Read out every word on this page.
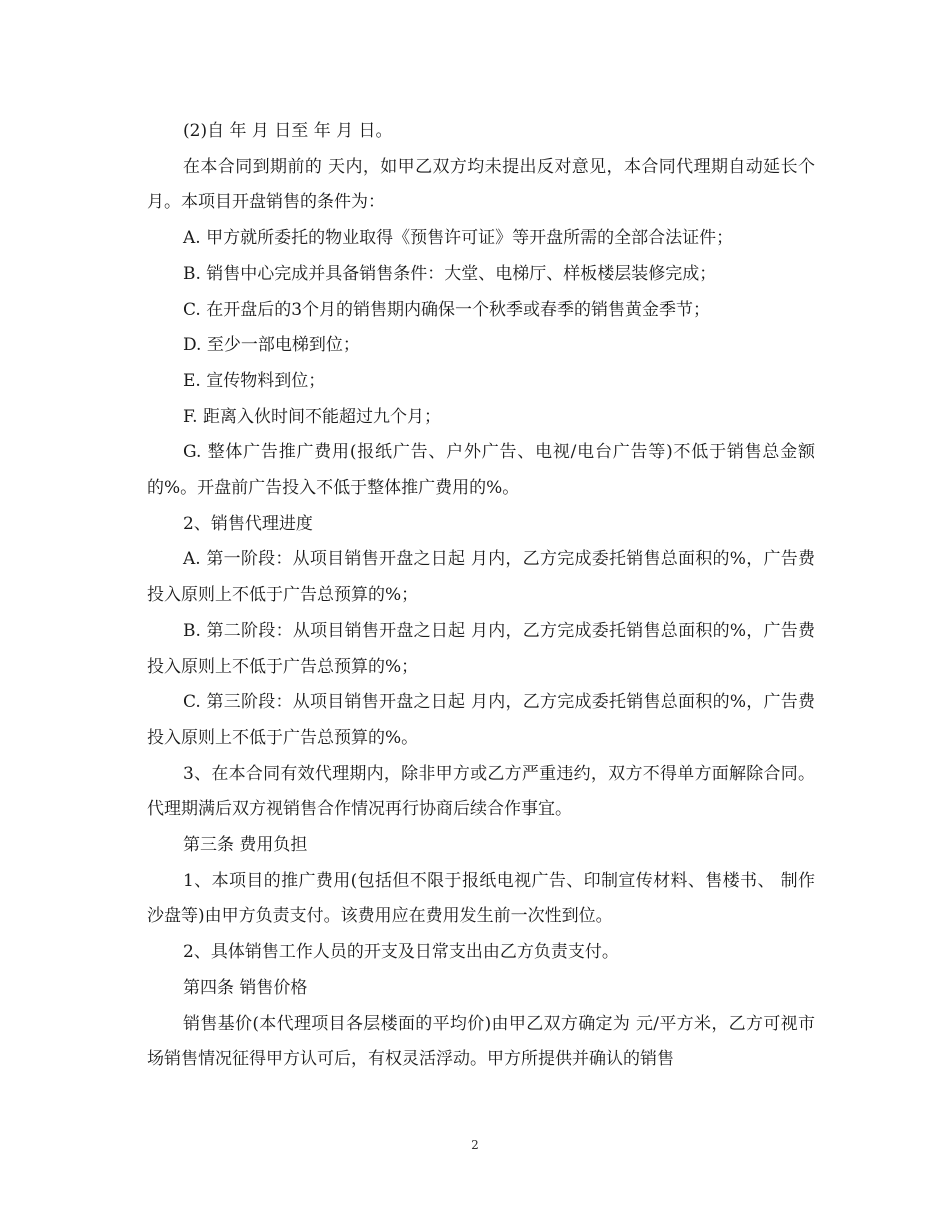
(2)自 年 月 日至 年 月 日。

在本合同到期前的 天内，如甲乙双方均未提出反对意见，本合同代理期自动延长个月。本项目开盘销售的条件为：

A. 甲方就所委托的物业取得《预售许可证》等开盘所需的全部合法证件；

B. 销售中心完成并具备销售条件：大堂、电梯厅、样板楼层装修完成；

C. 在开盘后的3个月的销售期内确保一个秋季或春季的销售黄金季节；

D. 至少一部电梯到位；

E. 宣传物料到位；

F. 距离入伙时间不能超过九个月；

G. 整体广告推广费用(报纸广告、户外广告、电视/电台广告等)不低于销售总金额的%。开盘前广告投入不低于整体推广费用的%。

2、销售代理进度

A. 第一阶段：从项目销售开盘之日起 月内，乙方完成委托销售总面积的%，广告费投入原则上不低于广告总预算的%；

B. 第二阶段：从项目销售开盘之日起 月内，乙方完成委托销售总面积的%，广告费投入原则上不低于广告总预算的%；

C. 第三阶段：从项目销售开盘之日起 月内，乙方完成委托销售总面积的%，广告费投入原则上不低于广告总预算的%。

3、在本合同有效代理期内，除非甲方或乙方严重违约，双方不得单方面解除合同。代理期满后双方视销售合作情况再行协商后续合作事宜。

第三条 费用负担

1、本项目的推广费用(包括但不限于报纸电视广告、印制宣传材料、售楼书、 制作沙盘等)由甲方负责支付。该费用应在费用发生前一次性到位。

2、具体销售工作人员的开支及日常支出由乙方负责支付。

第四条 销售价格

销售基价(本代理项目各层楼面的平均价)由甲乙双方确定为 元/平方米，乙方可视市场销售情况征得甲方认可后，有权灵活浮动。甲方所提供并确认的销售

2
